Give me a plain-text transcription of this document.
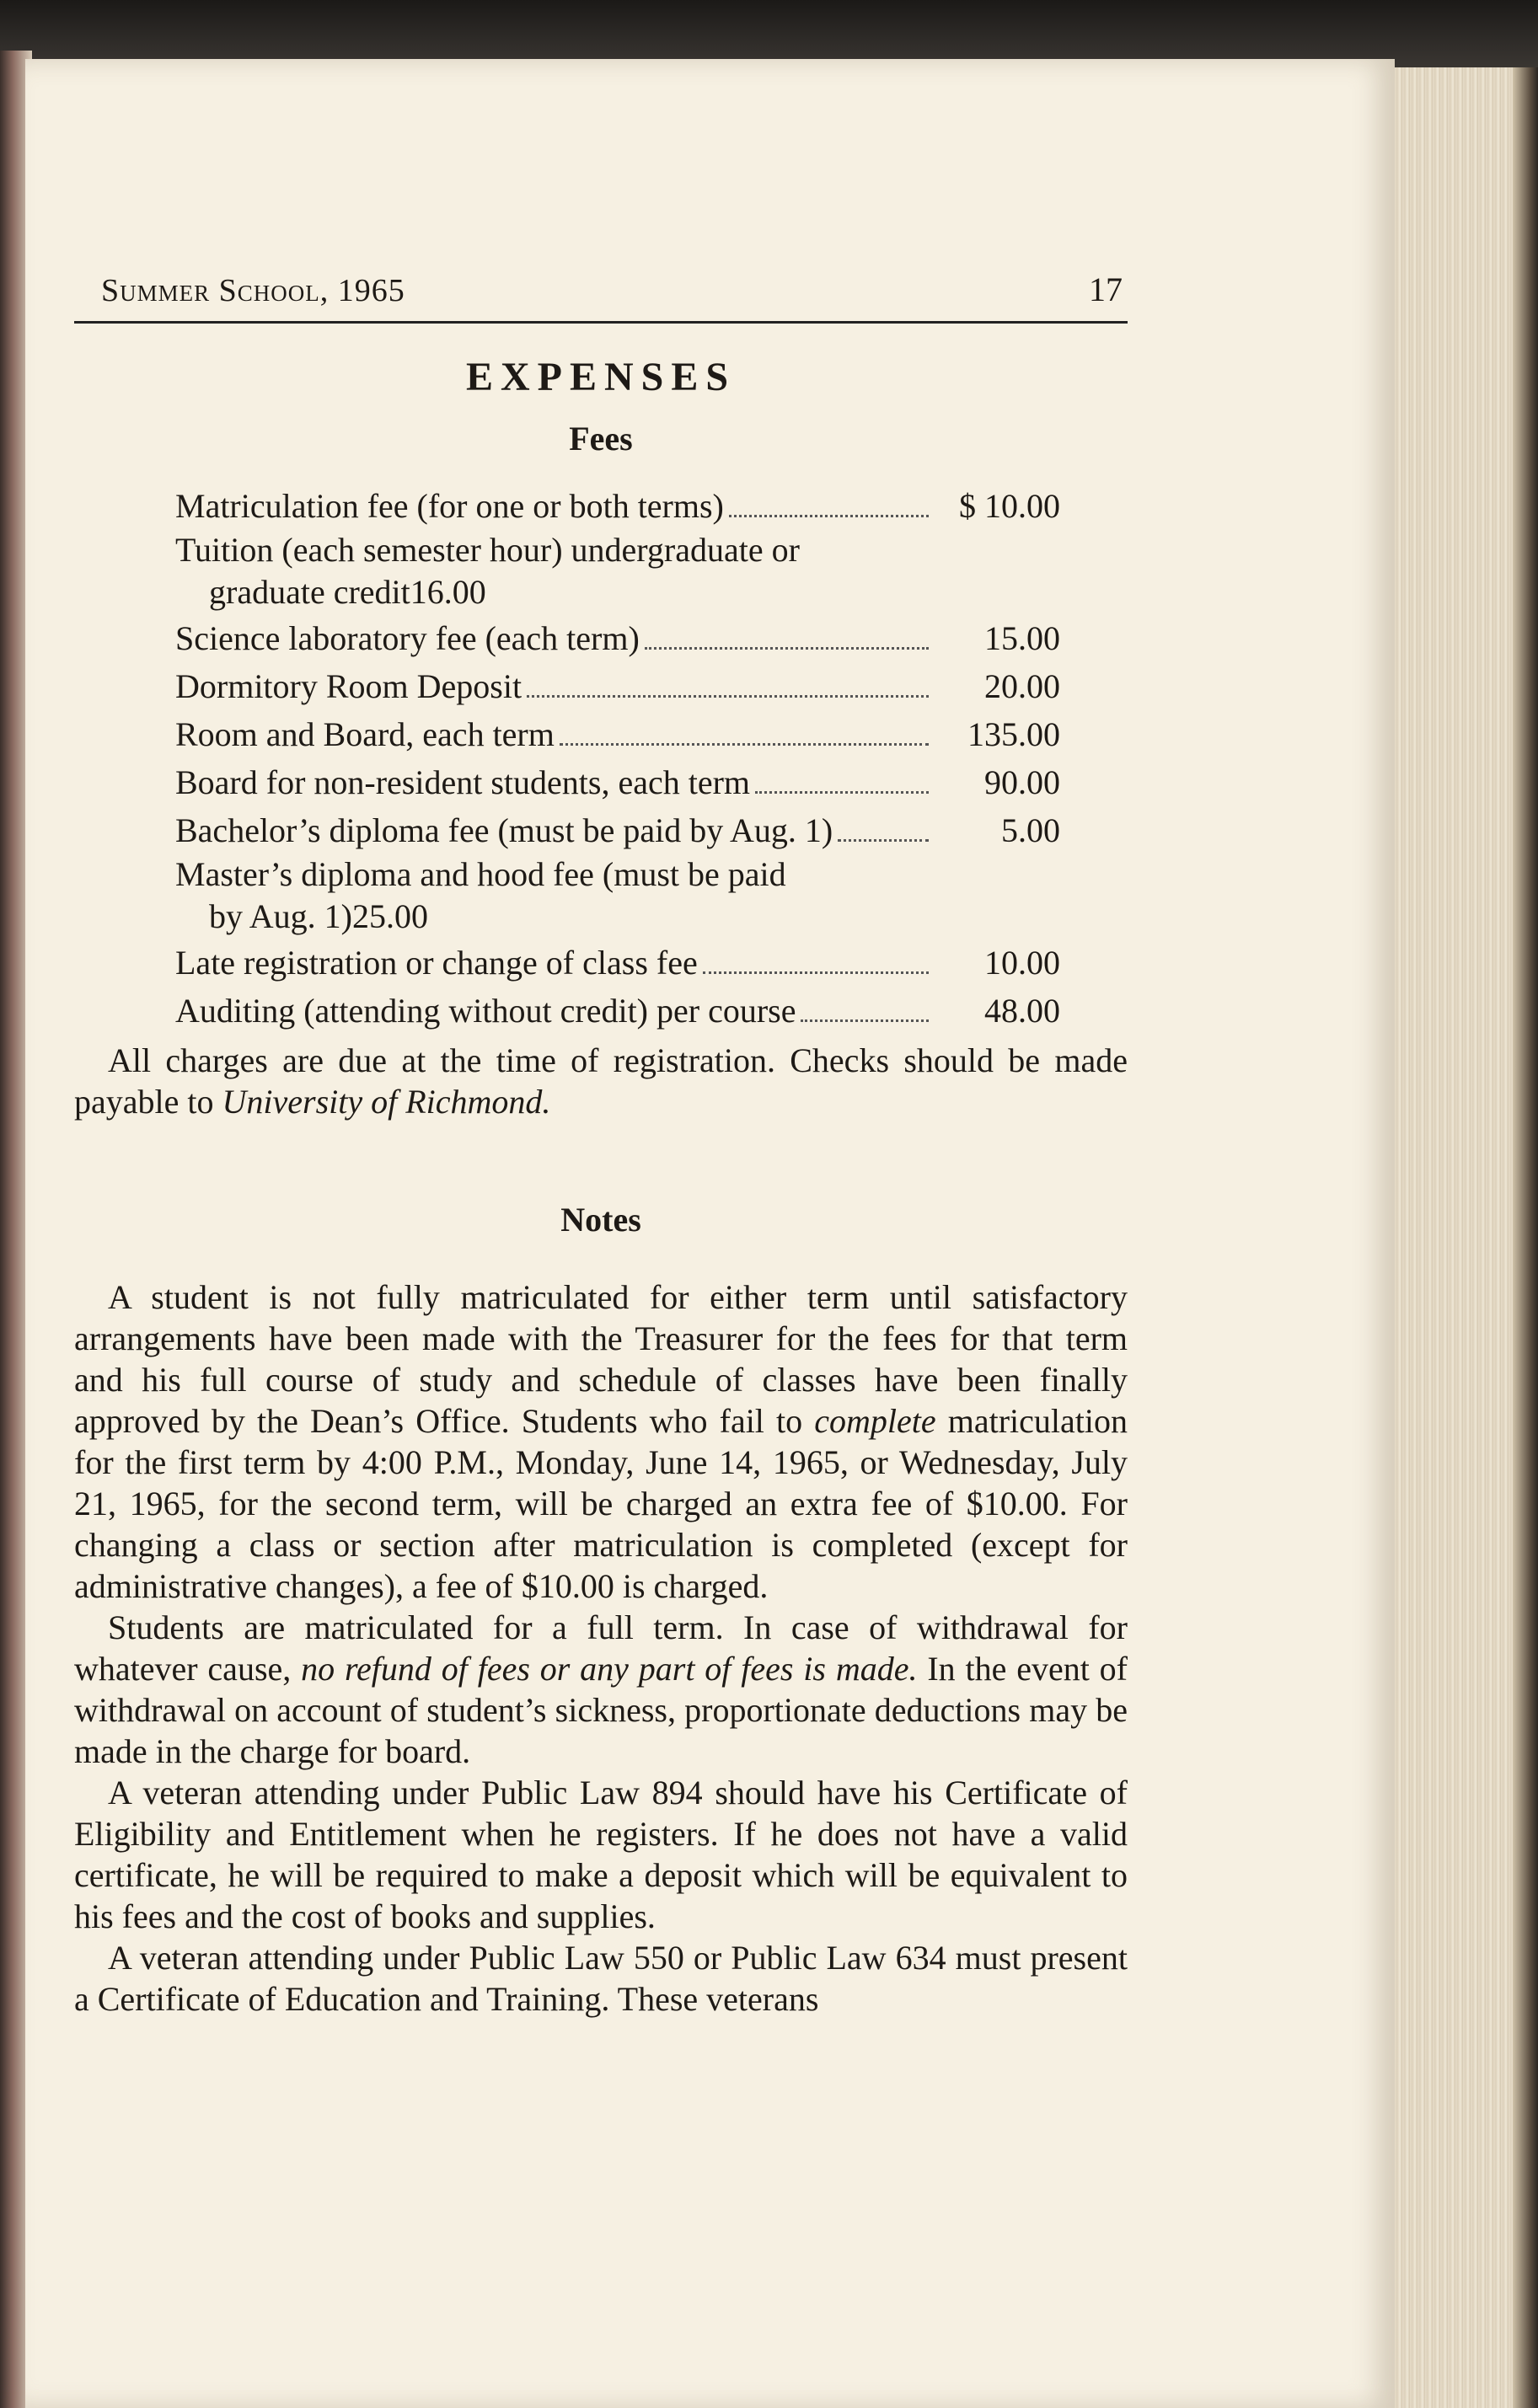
Summer School, 1965	17
EXPENSES
Fees
Matriculation fee (for one or both terms)	$ 10.00
Tuition (each semester hour) undergraduate or
graduate credit 16.00
Science laboratory fee (each term)	15.00
Dormitory Room Deposit	20.00
Room and Board, each term	135.00
Board for non-resident students, each term	90.00
Bachelor’s diploma fee (must be paid by Aug. 1)	5.00
Master’s diploma and hood fee (must be paid
by Aug. 1) 25.00
Late registration or change of class fee	10.00
Auditing (attending without credit) per course	48.00

All charges are due at the time of registration. Checks should be made payable to University of Richmond.

Notes

A student is not fully matriculated for either term until satisfactory arrangements have been made with the Treasurer for the fees for that term and his full course of study and schedule of classes have been finally approved by the Dean’s Office. Students who fail to complete matriculation for the first term by 4:00 P.M., Monday, June 14, 1965, or Wednesday, July 21, 1965, for the second term, will be charged an extra fee of $10.00. For changing a class or section after matriculation is completed (except for administrative changes), a fee of $10.00 is charged.

Students are matriculated for a full term. In case of withdrawal for whatever cause, no refund of fees or any part of fees is made. In the event of withdrawal on account of student’s sickness, proportionate deductions may be made in the charge for board.

A veteran attending under Public Law 894 should have his Certificate of Eligibility and Entitlement when he registers. If he does not have a valid certificate, he will be required to make a deposit which will be equivalent to his fees and the cost of books and supplies.

A veteran attending under Public Law 550 or Public Law 634 must present a Certificate of Education and Training. These veterans
